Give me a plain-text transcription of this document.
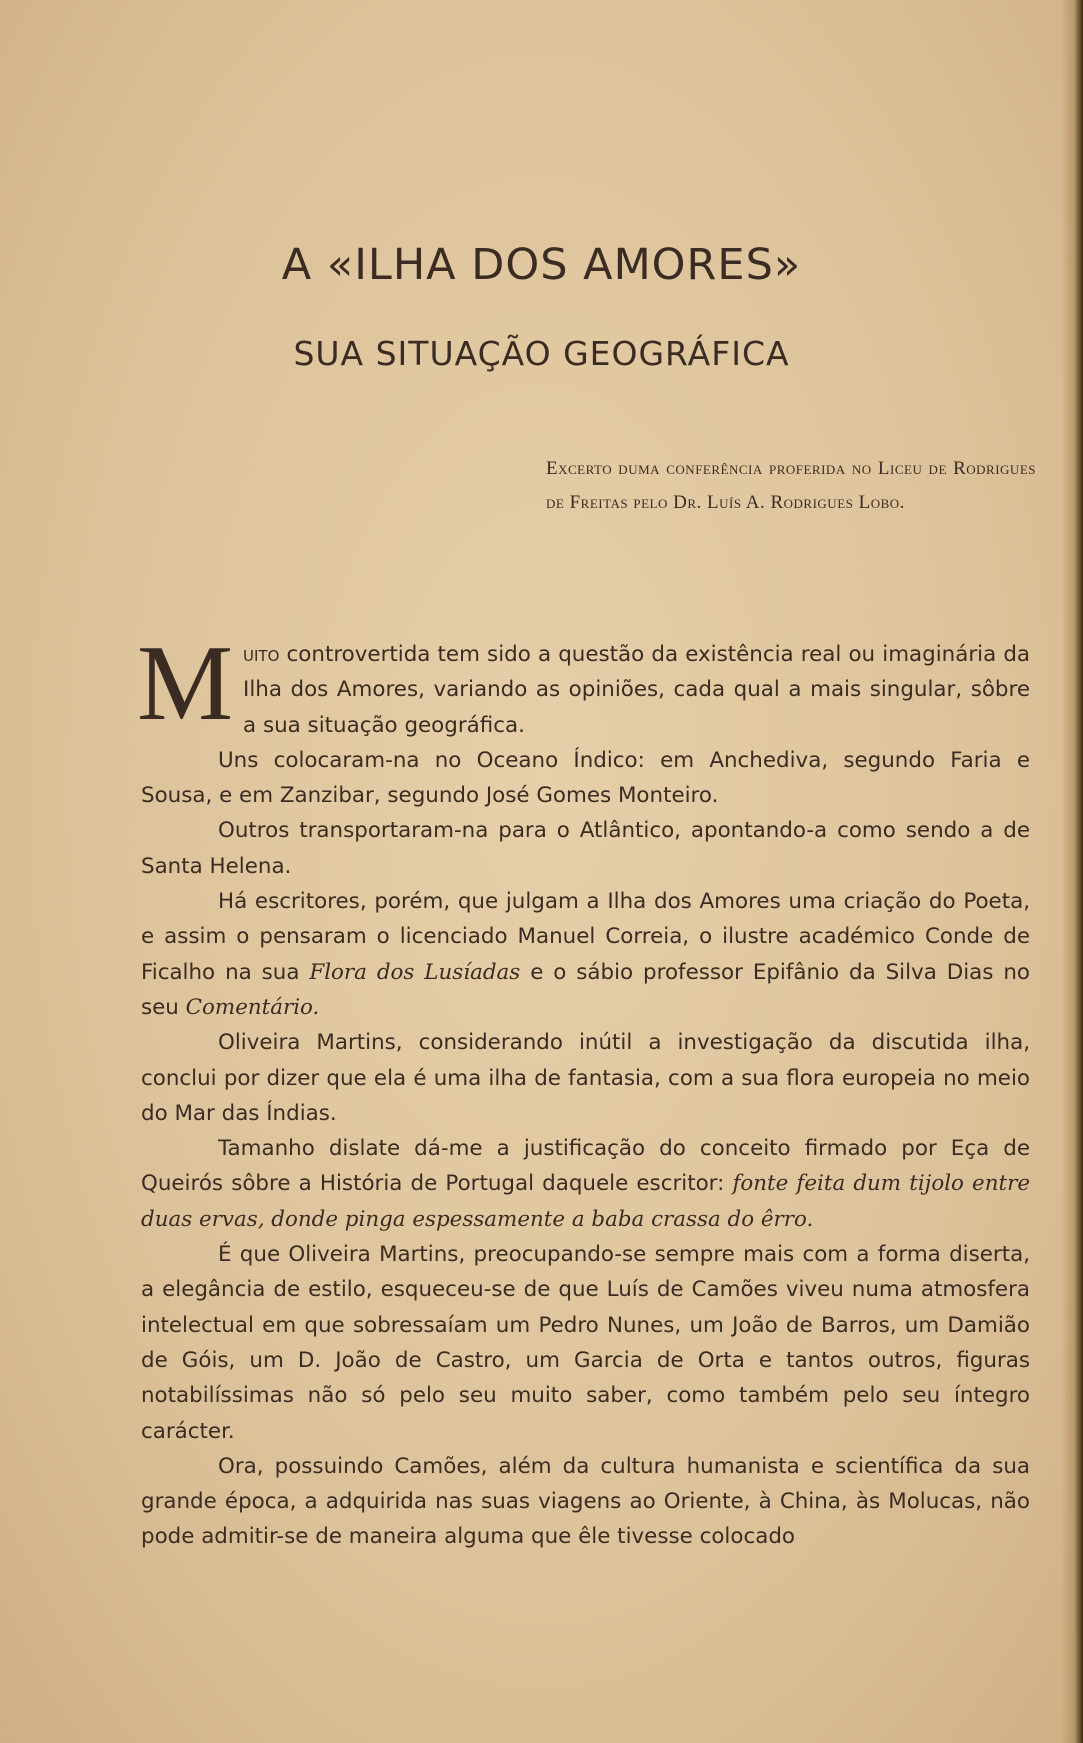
A «ILHA DOS AMORES»
SUA SITUAÇÃO GEOGRÁFICA
Excerto duma conferência proferida no Liceu de Rodrigues de Freitas pelo Dr. Luís A. Rodrigues Lobo.

Muito controvertida tem sido a questão da existência real ou imaginária da Ilha dos Amores, variando as opiniões, cada qual a mais singular, sôbre a sua situação geográfica.

Uns colocaram-na no Oceano Índico: em Anchediva, segundo Faria e Sousa, e em Zanzibar, segundo José Gomes Monteiro.

Outros transportaram-na para o Atlântico, apontando-a como sendo a de Santa Helena.

Há escritores, porém, que julgam a Ilha dos Amores uma criação do Poeta, e assim o pensaram o licenciado Manuel Correia, o ilustre académico Conde de Ficalho na sua Flora dos Lusíadas e o sábio professor Epifânio da Silva Dias no seu Comentário.

Oliveira Martins, considerando inútil a investigação da discutida ilha, conclui por dizer que ela é uma ilha de fantasia, com a sua flora europeia no meio do Mar das Índias.

Tamanho dislate dá-me a justificação do conceito firmado por Eça de Queirós sôbre a História de Portugal daquele escritor: fonte feita dum tijolo entre duas ervas, donde pinga espessamente a baba crassa do êrro.

É que Oliveira Martins, preocupando-se sempre mais com a forma diserta, a elegância de estilo, esqueceu-se de que Luís de Camões viveu numa atmosfera intelectual em que sobressaíam um Pedro Nunes, um João de Barros, um Damião de Góis, um D. João de Castro, um Garcia de Orta e tantos outros, figuras notabilíssimas não só pelo seu muito saber, como também pelo seu íntegro carácter.

Ora, possuindo Camões, além da cultura humanista e scientífica da sua grande época, a adquirida nas suas viagens ao Oriente, à China, às Molucas, não pode admitir-se de maneira alguma que êle tivesse colocado
